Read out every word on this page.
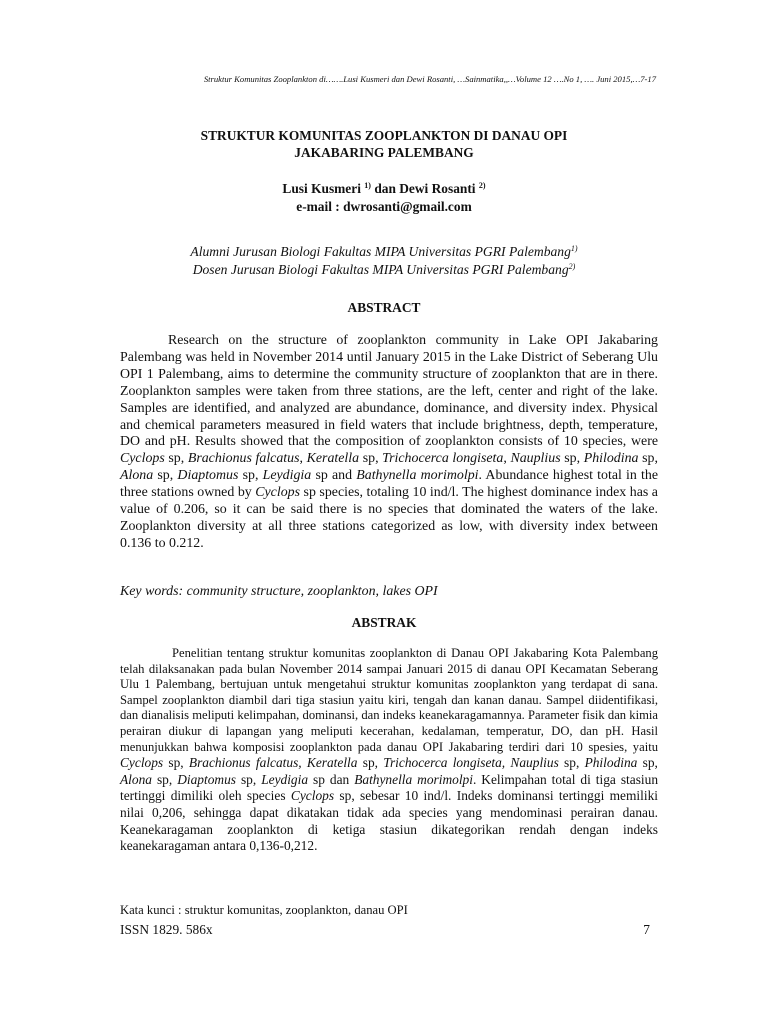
Struktur Komunitas Zooplankton di…….Lusi Kusmeri dan Dewi Rosanti, …Sainmatika,,…Volume 12 ….No 1, …. Juni 2015,…7-17
STRUKTUR KOMUNITAS ZOOPLANKTON DI DANAU OPI
JAKABARING PALEMBANG
Lusi Kusmeri $^{1)}$ dan Dewi Rosanti $^{2)}$
e-mail : dwrosanti@gmail.com
Alumni Jurusan Biologi Fakultas MIPA Universitas PGRI Palembang$^{1)}$
Dosen Jurusan Biologi Fakultas MIPA Universitas PGRI Palembang$^{2)}$
ABSTRACT

Research on the structure of zooplankton community in Lake OPI Jakabaring Palembang was held in November 2014 until January 2015 in the Lake District of Seberang Ulu OPI 1 Palembang, aims to determine the community structure of zooplankton that are in there. Zooplankton samples were taken from three stations, are the left, center and right of the lake. Samples are identified, and analyzed are abundance, dominance, and diversity index. Physical and chemical parameters measured in field waters that include brightness, depth, temperature, DO and pH. Results showed that the composition of zooplankton consists of 10 species, were Cyclops sp, Brachionus falcatus, Keratella sp, Trichocerca longiseta, Nauplius sp, Philodina sp, Alona sp, Diaptomus sp, Leydigia sp and Bathynella morimolpi. Abundance highest total in the three stations owned by Cyclops sp species, totaling 10 ind/l. The highest dominance index has a value of 0.206, so it can be said there is no species that dominated the waters of the lake. Zooplankton diversity at all three stations categorized as low, with diversity index between 0.136 to 0.212.

Key words: community structure, zooplankton, lakes OPI
ABSTRAK

Penelitian tentang struktur komunitas zooplankton di Danau OPI Jakabaring Kota Palembang telah dilaksanakan pada bulan November 2014 sampai Januari 2015 di danau OPI Kecamatan Seberang Ulu 1 Palembang, bertujuan untuk mengetahui struktur komunitas zooplankton yang terdapat di sana. Sampel zooplankton diambil dari tiga stasiun yaitu kiri, tengah dan kanan danau. Sampel diidentifikasi, dan dianalisis meliputi kelimpahan, dominansi, dan indeks keanekaragamannya. Parameter fisik dan kimia perairan diukur di lapangan yang meliputi kecerahan, kedalaman, temperatur, DO, dan pH. Hasil menunjukkan bahwa komposisi zooplankton pada danau OPI Jakabaring terdiri dari 10 spesies, yaitu Cyclops sp, Brachionus falcatus, Keratella sp, Trichocerca longiseta, Nauplius sp, Philodina sp, Alona sp, Diaptomus sp, Leydigia sp dan Bathynella morimolpi. Kelimpahan total di tiga stasiun tertinggi dimiliki oleh species Cyclops sp, sebesar 10 ind/l. Indeks dominansi tertinggi memiliki nilai 0,206, sehingga dapat dikatakan tidak ada species yang mendominasi perairan danau. Keanekaragaman zooplankton di ketiga stasiun dikategorikan rendah dengan indeks keanekaragaman antara 0,136-0,212.

Kata kunci : struktur komunitas, zooplankton, danau OPI
ISSN 1829. 586x	7
